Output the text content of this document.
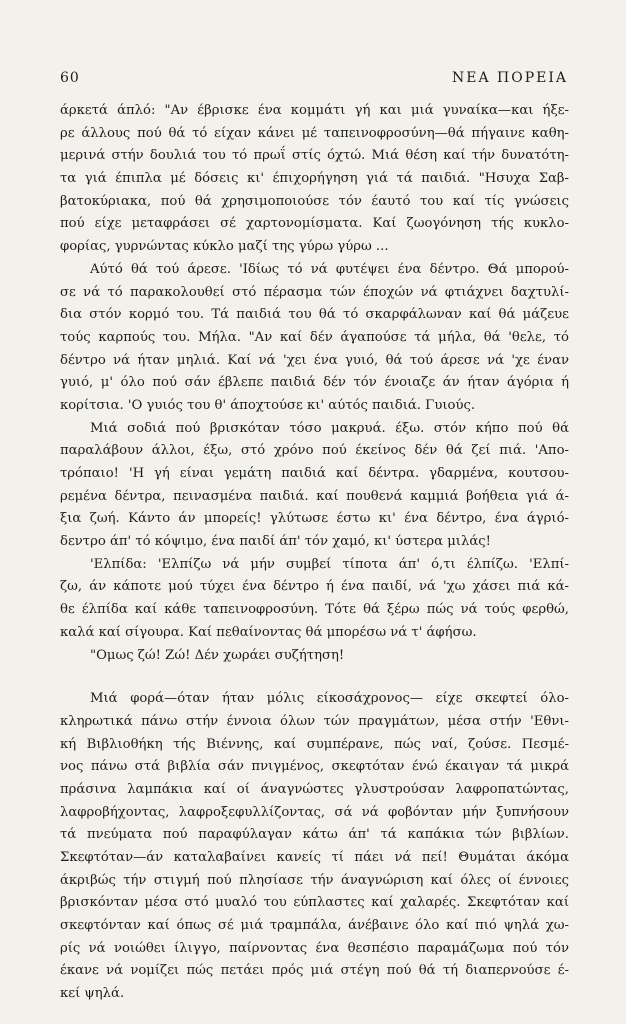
60	ΝΕΑ ΠΟΡΕΙΑ

άρκετά άπλό: "Αν έβρισκε ένα κομμάτι γή και μιά γυναίκα—και ήξε-

ρε άλλους πού θά τό είχαν κάνει μέ ταπεινοφροσύνη—θά πήγαινε καθη-

μερινά στήν δουλιά του τό πρωΐ στίς όχτώ. Μιά θέση καί τήν δυνατότη-

τα γιά έπιπλα μέ δόσεις κι' έπιχορήγηση γιά τά παιδιά. "Ησυχα Σαβ-

βατοκύριακα, πού θά χρησιμοποιούσε τόν έαυτό του καί τίς γνώσεις

πού είχε μεταφράσει σέ χαρτονομίσματα. Καί ζωογόνηση τής κυκλο-

φορίας, γυρνώντας κύκλο μαζί της γύρω γύρω ...

Αύτό θά τού άρεσε. 'Ιδίως τό νά φυτέψει ένα δέντρο. Θά μπορού-

σε νά τό παρακολουθεί στό πέρασμα τών έποχών νά φτιάχνει δαχτυλί-

δια στόν κορμό του. Τά παιδιά του θά τό σκαρφάλωναν καί θά μάζευε

τούς καρπούς του. Μήλα. "Αν καί δέν άγαπούσε τά μήλα, θά 'θελε, τό

δέντρο νά ήταν μηλιά. Καί νά 'χει ένα γυιό, θά τού άρεσε νά 'χε έναν

γυιό, μ' όλο πού σάν έβλεπε παιδιά δέν τόν ένοιαζε άν ήταν άγόρια ή

κορίτσια. 'Ο γυιός του θ' άποχτούσε κι' αύτός παιδιά. Γυιούς.

Μιά σοδιά πού βρισκόταν τόσο μακρυά. έξω. στόν κήπο πού θά

παραλάβουν άλλοι, έξω, στό χρόνο πού έκείνος δέν θά ζεί πιά. 'Απο-

τρόπαιο! 'Η γή είναι γεμάτη παιδιά καί δέντρα. γδαρμένα, κουτσου-

ρεμένα δέντρα, πεινασμένα παιδιά. καί πουθενά καμμιά βοήθεια γιά ά-

ξια ζωή. Κάντο άν μπορείς! γλύτωσε έστω κι' ένα δέντρο, ένα άγριό-

δεντρο άπ' τό κόψιμο, ένα παιδί άπ' τόν χαμό, κι' ύστερα μιλάς!

'Ελπίδα: 'Ελπίζω νά μήν συμβεί τίποτα άπ' ό,τι έλπίζω. 'Ελπί-

ζω, άν κάποτε μού τύχει ένα δέντρο ή ένα παιδί, νά 'χω χάσει πιά κά-

θε έλπίδα καί κάθε ταπεινοφροσύνη. Τότε θά ξέρω πώς νά τούς φερθώ,

καλά καί σίγουρα. Καί πεθαίνοντας θά μπορέσω νά τ' άφήσω.

"Ομως ζώ! Ζώ! Δέν χωράει συζήτηση!

Μιά φορά—όταν ήταν μόλις είκοσάχρονος— είχε σκεφτεί όλο-

κληρωτικά πάνω στήν έννοια όλων τών πραγμάτων, μέσα στήν 'Εθνι-

κή Βιβλιοθήκη τής Βιέννης, καί συμπέρανε, πώς ναί, ζούσε. Πεσμέ-

νος πάνω στά βιβλία σάν πνιγμένος, σκεφτόταν ένώ έκαιγαν τά μικρά

πράσινα λαμπάκια καί οί άναγνώστες γλυστρούσαν λαφροπατώντας,

λαφροβήχοντας, λαφροξεφυλλίζοντας, σά νά φοβόνταν μήν ξυπνήσουν

τά πνεύματα πού παραφύλαγαν κάτω άπ' τά καπάκια τών βιβλίων.

Σκεφτόταν—άν καταλαβαίνει κανείς τί πάει νά πεί! Θυμάται άκόμα

άκριβώς τήν στιγμή πού πλησίασε τήν άναγνώριση καί όλες οί έννοιες

βρισκόνταν μέσα στό μυαλό του εύπλαστες καί χαλαρές. Σκεφτόταν καί

σκεφτόνταν καί όπως σέ μιά τραμπάλα, άνέβαινε όλο καί πιό ψηλά χω-

ρίς νά νοιώθει ίλιγγο, παίρνοντας ένα θεσπέσιο παραμάζωμα πού τόν

έκανε νά νομίζει πώς πετάει πρός μιά στέγη πού θά τή διαπερνούσε έ-

κεί ψηλά.
